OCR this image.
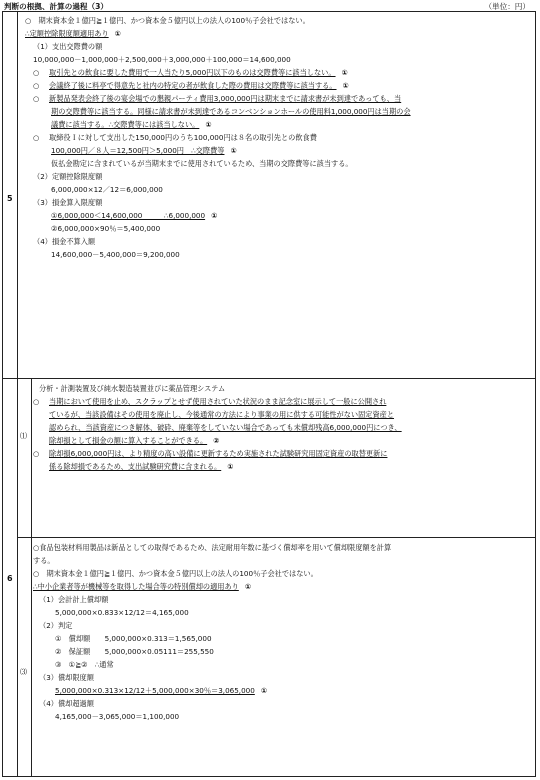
判断の根拠、計算の過程（3）	（単位：円）
5
6
⑴
⑶
○　期末資本金１億円≧１億円、かつ資本金５億円以上の法人の100％子会社ではない。
∴定額控除限度額適用あり ①
（1）支出交際費の額
10,000,000－1,000,000＋2,500,000＋3,000,000＋100,000＝14,600,000
○ 取引先との飲食に要した費用で一人当たり5,000円以下のものは交際費等に該当しない。 ①
○ 会議終了後に料亭で得意先と社内の特定の者が飲食した際の費用は交際費等に該当する。 ①
○ 新製品発表会終了後の宴会場での懇親パーティ費用3,000,000円は期末までに請求書が未到達であっても、当
期の交際費等に該当する。同様に請求書が未到達であるコンベンションホールの使用料1,000,000円は当期の会
議費に該当する。∴交際費等には該当しない。 ①
○ 取締役Ｉに対して支出した150,000円のうち100,000円は８名の取引先との飲食費
100,000円／８人＝12,500円＞5,000円　∴交際費等 ①
仮払金勘定に含まれているが当期末までに使用されているため、当期の交際費等に該当する。
（2）定額控除限度額
6,000,000×12／12＝6,000,000
（3）損金算入限度額
①6,000,000＜14,600,000　　　∴6,000,000 ①
②6,000,000×90％＝5,400,000
（4）損金不算入額
14,600,000－5,400,000＝9,200,000
分析・計測装置及び純水製造装置並びに薬品管理システム
○ 当期において使用を止め、スクラップとせず使用されていた状況のまま記念室に展示して一般に公開され
ているが、当該設備はその使用を廃止し、今後通常の方法により事業の用に供する可能性がない固定資産と
認められ、当該資産につき解体、破砕、廃棄等をしていない場合であっても未償却残高6,000,000円につき、
除却損として損金の額に算入することができる。 ②
○ 除却損6,000,000円は、より精度の高い設備に更新するため実施された試験研究用固定資産の取替更新に
係る除却損であるため、支出試験研究費に含まれる。 ①
○食品包装材料用製品は新品としての取得であるため、法定耐用年数に基づく償却率を用いて償却限度額を計算
する。
○　期末資本金１億円≧１億円、かつ資本金５億円以上の法人の100％子会社ではない。
∴中小企業者等が機械等を取得した場合等の特別償却の適用あり ①
（1）会計計上償却額
5,000,000×0.833×12/12＝4,165,000
（2）判定
①　償却額　　5,000,000×0.313＝1,565,000
②　保証額　　5,000,000×0.05111＝255,550
③　①≧②　∴通常
（3）償却限度額
5,000,000×0.313×12/12＋5,000,000×30％＝3,065,000 ①
（4）償却超過額
4,165,000－3,065,000＝1,100,000
